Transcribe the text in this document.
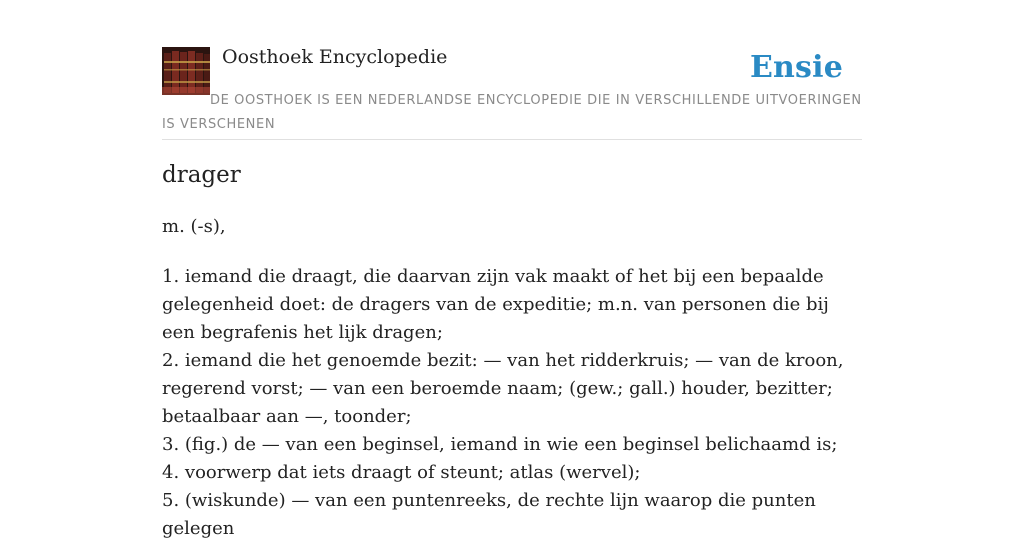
Oosthoek Encyclopedie	Ensie
DE OOSTHOEK IS EEN NEDERLANDSE ENCYCLOPEDIE DIE IN VERSCHILLENDE UITVOERINGEN IS VERSCHENEN
drager
m. (-s),
1. iemand die draagt, die daarvan zijn vak maakt of het bij een bepaalde gelegenheid doet: de dragers van de expeditie; m.n. van personen die bij een begrafenis het lijk dragen;
2. iemand die het genoemde bezit: — van het ridderkruis; — van de kroon, regerend vorst; — van een beroemde naam; (gew.; gall.) houder, bezitter; betaalbaar aan —, toonder;
3. (fig.) de — van een beginsel, iemand in wie een beginsel belichaamd is;
4. voorwerp dat iets draagt of steunt; atlas (wervel);
5. (wiskunde) — van een puntenreeks, de rechte lijn waarop die punten gelegen
